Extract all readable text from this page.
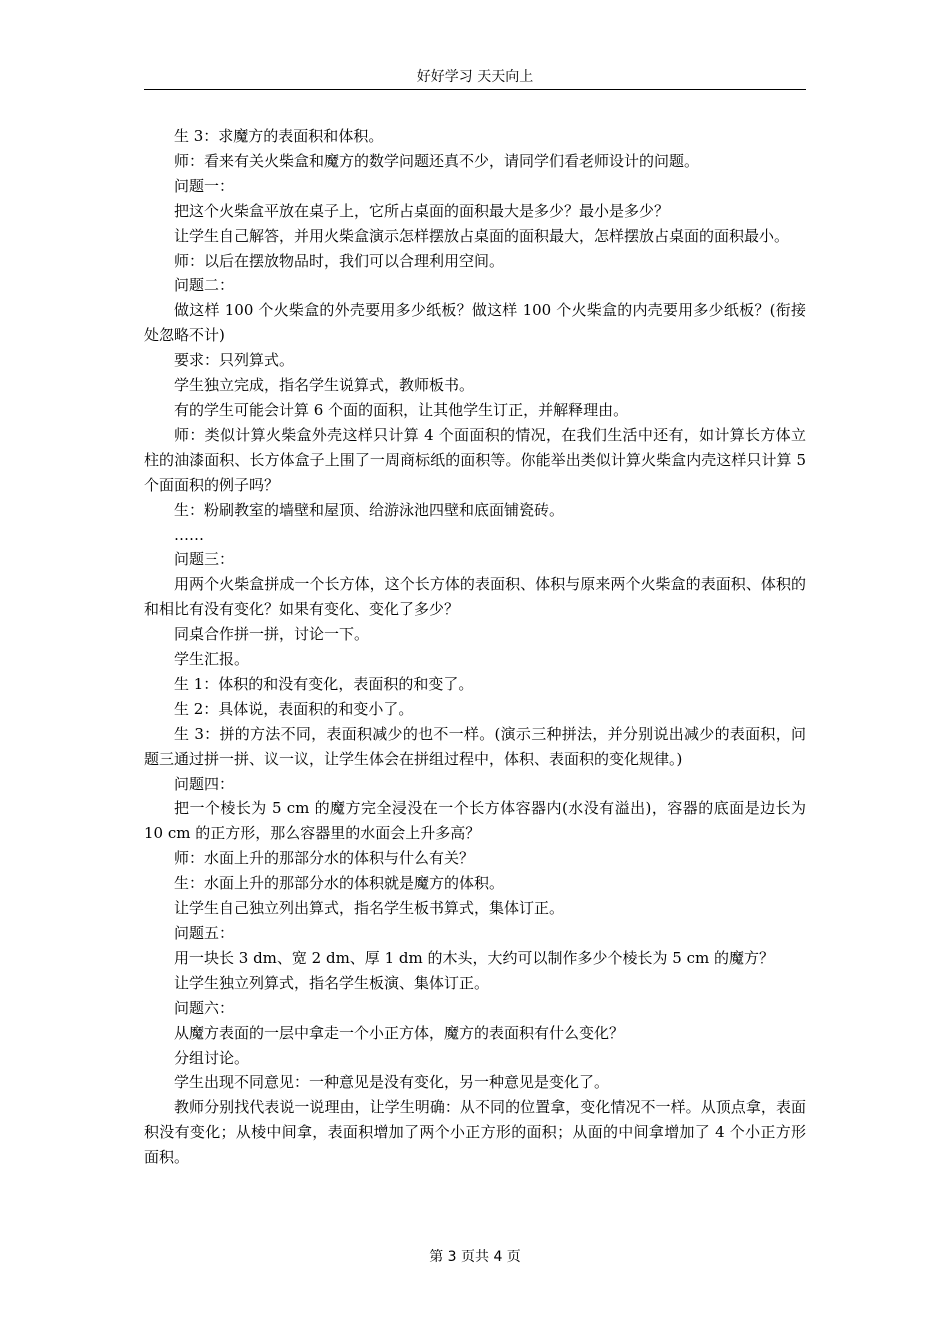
好好学习 天天向上

生 3：求魔方的表面积和体积。

师：看来有关火柴盒和魔方的数学问题还真不少，请同学们看老师设计的问题。

问题一：

把这个火柴盒平放在桌子上，它所占桌面的面积最大是多少？最小是多少？

让学生自己解答，并用火柴盒演示怎样摆放占桌面的面积最大，怎样摆放占桌面的面积最小。

师：以后在摆放物品时，我们可以合理利用空间。

问题二：

做这样 100 个火柴盒的外壳要用多少纸板？做这样 100 个火柴盒的内壳要用多少纸板？(衔接处忽略不计)

要求：只列算式。

学生独立完成，指名学生说算式，教师板书。

有的学生可能会计算 6 个面的面积，让其他学生订正，并解释理由。

师：类似计算火柴盒外壳这样只计算 4 个面面积的情况，在我们生活中还有，如计算长方体立柱的油漆面积、长方体盒子上围了一周商标纸的面积等。你能举出类似计算火柴盒内壳这样只计算 5 个面面积的例子吗？

生：粉刷教室的墙壁和屋顶、给游泳池四壁和底面铺瓷砖。

……

问题三：

用两个火柴盒拼成一个长方体，这个长方体的表面积、体积与原来两个火柴盒的表面积、体积的和相比有没有变化？如果有变化、变化了多少？

同桌合作拼一拼，讨论一下。

学生汇报。

生 1：体积的和没有变化，表面积的和变了。

生 2：具体说，表面积的和变小了。

生 3：拼的方法不同，表面积减少的也不一样。(演示三种拼法，并分别说出减少的表面积，问题三通过拼一拼、议一议，让学生体会在拼组过程中，体积、表面积的变化规律。)

问题四：

把一个棱长为 5 cm 的魔方完全浸没在一个长方体容器内(水没有溢出)，容器的底面是边长为 10 cm 的正方形，那么容器里的水面会上升多高？

师：水面上升的那部分水的体积与什么有关？

生：水面上升的那部分水的体积就是魔方的体积。

让学生自己独立列出算式，指名学生板书算式，集体订正。

问题五：

用一块长 3 dm、宽 2 dm、厚 1 dm 的木头，大约可以制作多少个棱长为 5 cm 的魔方？

让学生独立列算式，指名学生板演、集体订正。

问题六：

从魔方表面的一层中拿走一个小正方体，魔方的表面积有什么变化？

分组讨论。

学生出现不同意见：一种意见是没有变化，另一种意见是变化了。

教师分别找代表说一说理由，让学生明确：从不同的位置拿，变化情况不一样。从顶点拿，表面积没有变化；从棱中间拿，表面积增加了两个小正方形的面积；从面的中间拿增加了 4 个小正方形面积。

第 3 页共 4 页
